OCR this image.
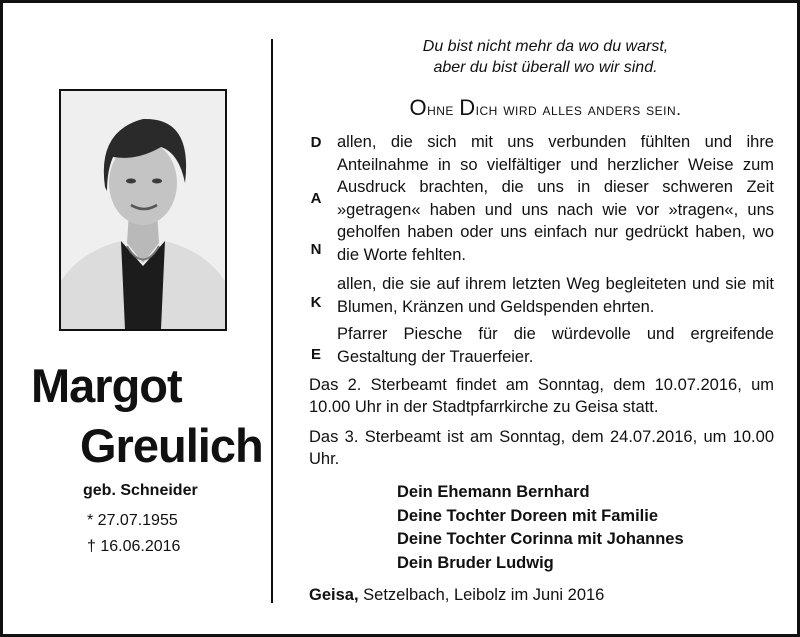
Margot
Greulich
geb. Schneider
* 27.07.1955
† 16.06.2016
Du bist nicht mehr da wo du warst,
aber du bist überall wo wir sind.
Ohne Dich wird alles anders sein.
D
A
N
K
E

allen, die sich mit uns verbunden fühlten und ihre Anteilnahme in so vielfältiger und herzlicher Weise zum Ausdruck brachten, die uns in dieser schweren Zeit »getragen« haben und uns nach wie vor »tragen«, uns geholfen haben oder uns einfach nur gedrückt haben, wo die Worte fehlten.

allen, die sie auf ihrem letzten Weg begleiteten und sie mit Blumen, Kränzen und Geldspenden ehrten.

Pfarrer Piesche für die würdevolle und ergreifende Gestaltung der Trauerfeier.

Das 2. Sterbeamt findet am Sonntag, dem 10.07.2016, um 10.00 Uhr in der Stadtpfarrkirche zu Geisa statt.

Das 3. Sterbeamt ist am Sonntag, dem 24.07.2016, um 10.00 Uhr.

Dein Ehemann Bernhard
Deine Tochter Doreen mit Familie
Deine Tochter Corinna mit Johannes
Dein Bruder Ludwig
Geisa, Setzelbach, Leibolz im Juni 2016
